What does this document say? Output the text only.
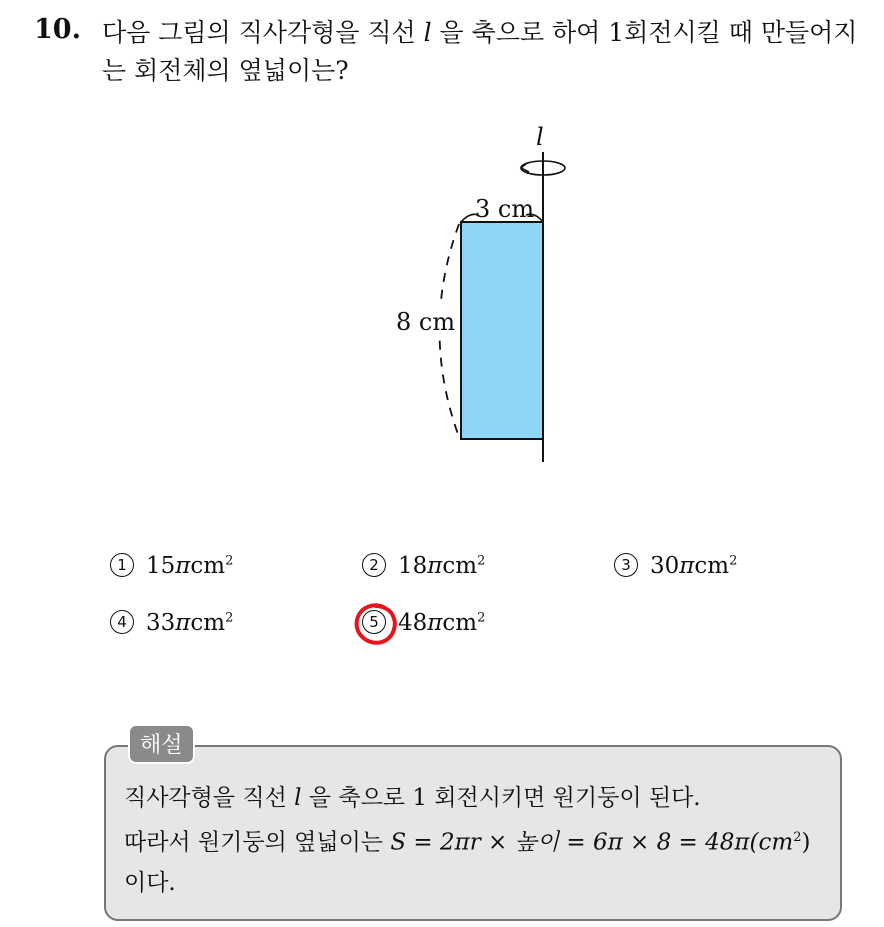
10. 다음 그림의 직사각형을 직선 l 을 축으로 하여 1회전시킬 때 만들어지는 회전체의 옆넓이는?
l
3 cm
8 cm
1 15πcm$^2$	2 18πcm$^2$	3 30πcm$^2$
4 33πcm$^2$	5 48πcm$^2$
해설
직사각형을 직선 l 을 축으로 1 회전시키면 원기둥이 된다.
따라서 원기둥의 옆넓이는 S = 2πr × 높이 = $6\pi \times 8 = 48\pi(cm^2)$
이다.
